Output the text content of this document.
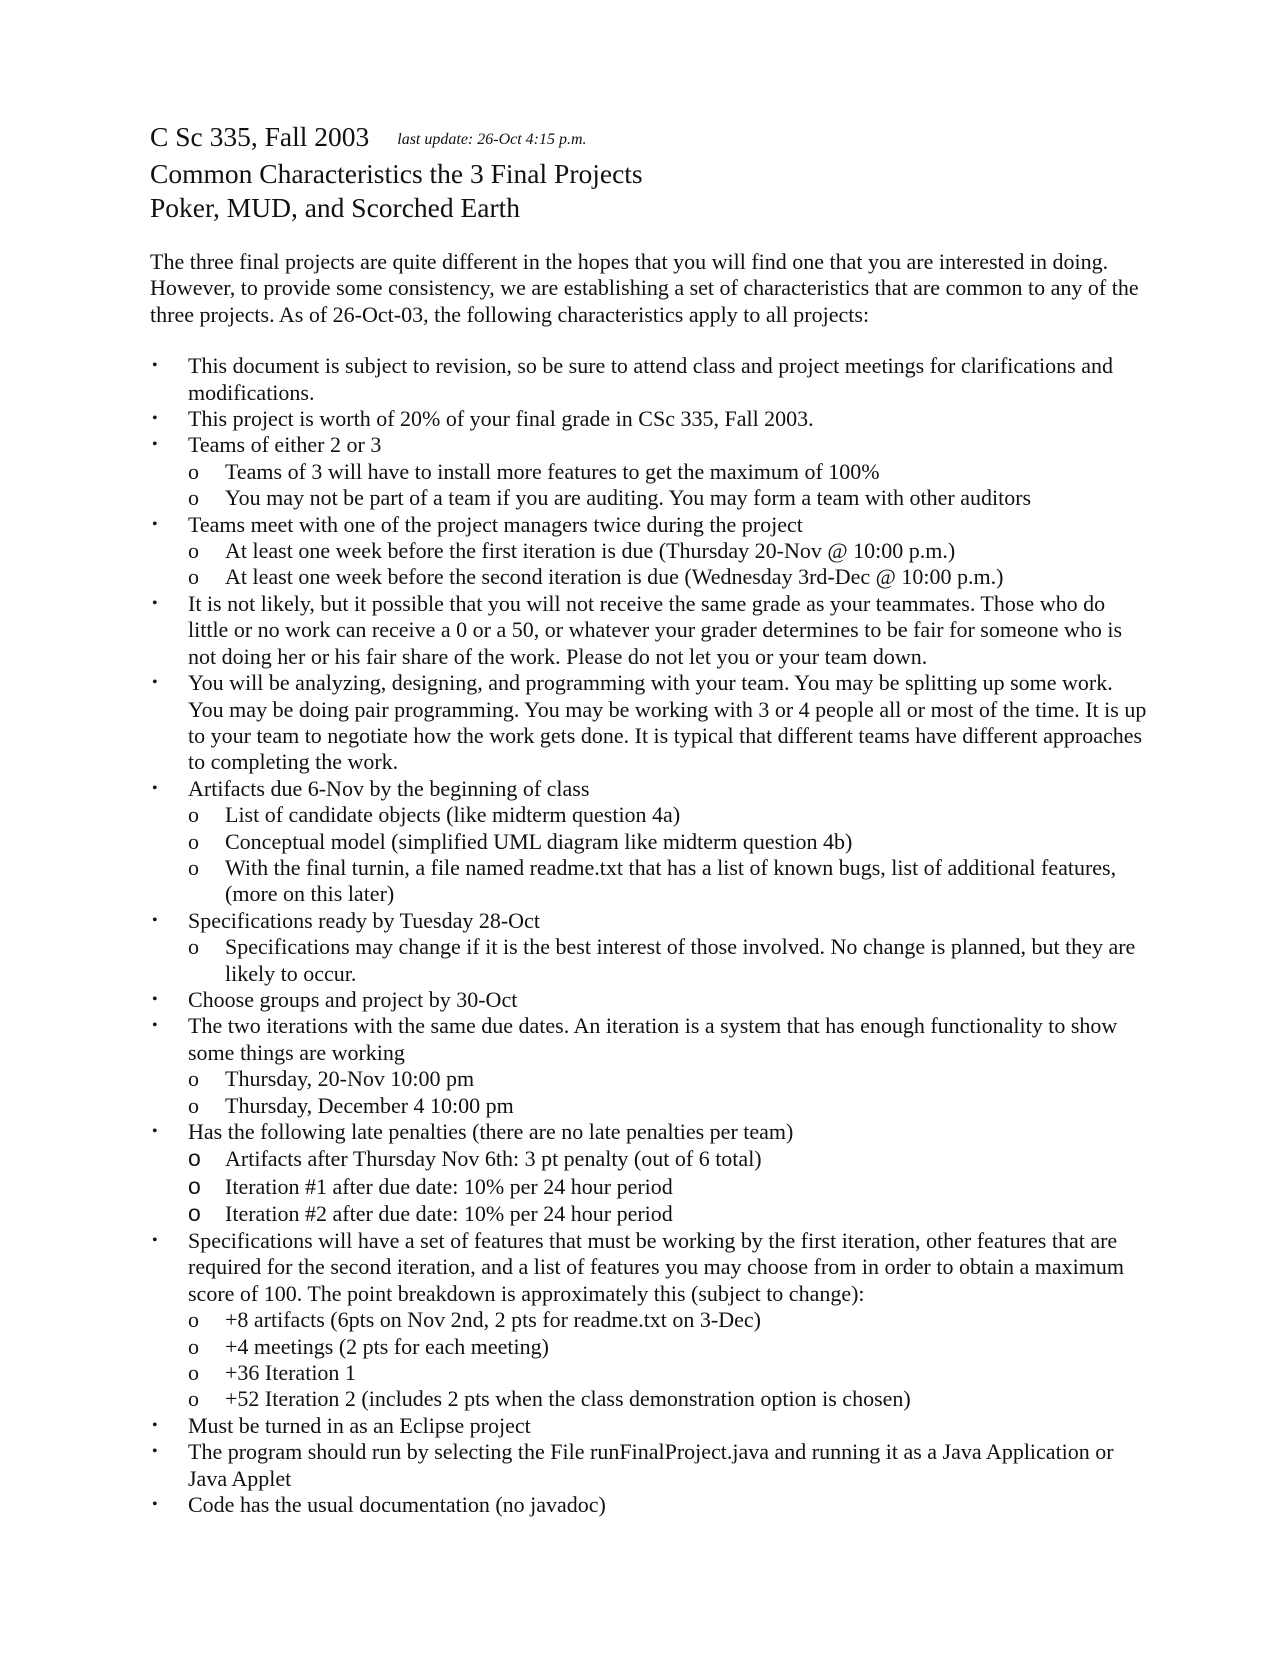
C Sc 335, Fall 2003 last update: 26-Oct 4:15 p.m.

Common Characteristics the 3 Final Projects

Poker, MUD, and Scorched Earth

The three final projects are quite different in the hopes that you will find one that you are interested in doing. However, to provide some consistency, we are establishing a set of characteristics that are common to any of the three projects. As of 26-Oct-03, the following characteristics apply to all projects:

• This document is subject to revision, so be sure to attend class and project meetings for clarifications and modifications.
• This project is worth of 20% of your final grade in CSc 335, Fall 2003.
• Teams of either 2 or 3
o Teams of 3 will have to install more features to get the maximum of 100%
o You may not be part of a team if you are auditing. You may form a team with other auditors
• Teams meet with one of the project managers twice during the project
o At least one week before the first iteration is due (Thursday 20-Nov @ 10:00 p.m.)
o At least one week before the second iteration is due (Wednesday 3rd-Dec @ 10:00 p.m.)
• It is not likely, but it possible that you will not receive the same grade as your teammates. Those who do little or no work can receive a 0 or a 50, or whatever your grader determines to be fair for someone who is not doing her or his fair share of the work. Please do not let you or your team down.
• You will be analyzing, designing, and programming with your team. You may be splitting up some work. You may be doing pair programming. You may be working with 3 or 4 people all or most of the time. It is up to your team to negotiate how the work gets done. It is typical that different teams have different approaches to completing the work.
• Artifacts due 6-Nov by the beginning of class
o List of candidate objects (like midterm question 4a)
o Conceptual model (simplified UML diagram like midterm question 4b)
o With the final turnin, a file named readme.txt that has a list of known bugs, list of additional features, (more on this later)
• Specifications ready by Tuesday 28-Oct
o Specifications may change if it is the best interest of those involved. No change is planned, but they are likely to occur.
• Choose groups and project by 30-Oct
• The two iterations with the same due dates. An iteration is a system that has enough functionality to show some things are working
o Thursday, 20-Nov 10:00 pm
o Thursday, December 4 10:00 pm
• Has the following late penalties (there are no late penalties per team)
o Artifacts after Thursday Nov 6th: 3 pt penalty (out of 6 total)
o Iteration #1 after due date: 10% per 24 hour period
o Iteration #2 after due date: 10% per 24 hour period
• Specifications will have a set of features that must be working by the first iteration, other features that are required for the second iteration, and a list of features you may choose from in order to obtain a maximum score of 100. The point breakdown is approximately this (subject to change):
o +8 artifacts (6pts on Nov 2nd, 2 pts for readme.txt on 3-Dec)
o +4 meetings (2 pts for each meeting)
o +36 Iteration 1
o +52 Iteration 2 (includes 2 pts when the class demonstration option is chosen)
• Must be turned in as an Eclipse project
• The program should run by selecting the File runFinalProject.java and running it as a Java Application or Java Applet
• Code has the usual documentation (no javadoc)
